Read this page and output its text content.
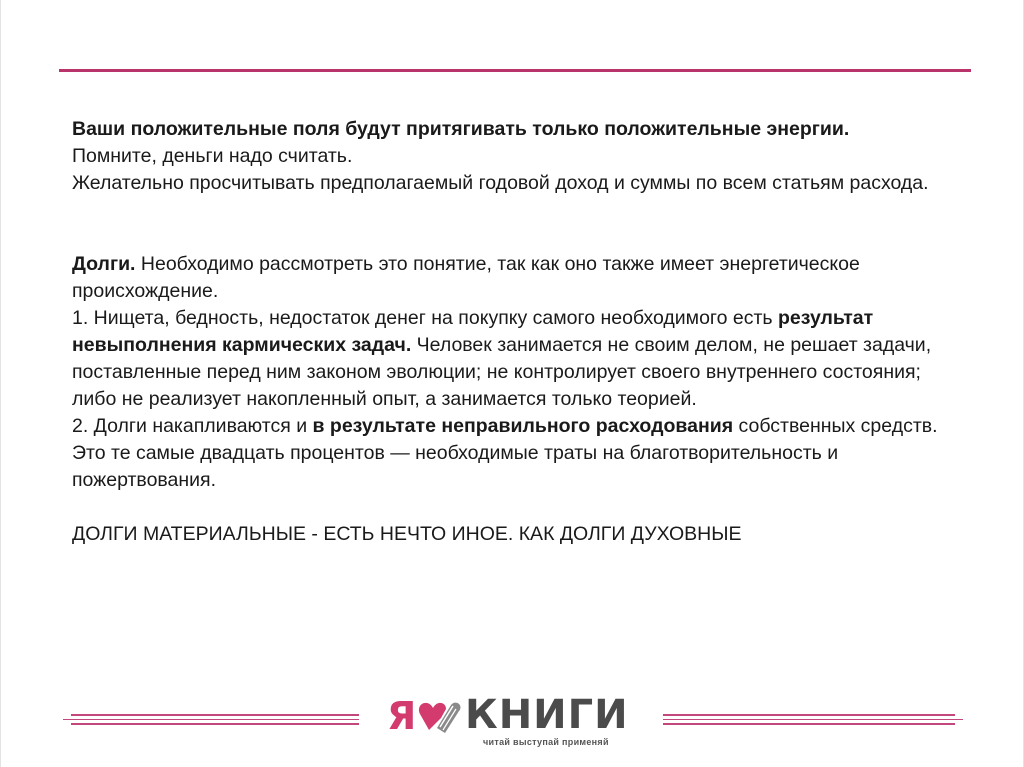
Ваши положительные поля будут притягивать только положительные энергии.
Помните, деньги надо считать.
Желательно просчитывать предполагаемый годовой доход и суммы по всем статьям расхода.

Долги. Необходимо рассмотреть это понятие, так как оно также имеет энергетическое происхождение.
1. Нищета, бедность, недостаток денег на покупку самого необходимого есть результат невыполнения кармических задач. Человек занимается не своим делом, не решает задачи, поставленные перед ним законом эволюции; не контролирует своего внутреннего состояния; либо не реализует накопленный опыт, а занимается только теорией.
2. Долги накапливаются и в результате неправильного расходования собственных средств. Это те самые двадцать процентов — необходимые траты на благотворительность и пожертвования.

ДОЛГИ МАТЕРИАЛЬНЫЕ - ЕСТЬ НЕЧТО ИНОЕ. КАК ДОЛГИ ДУХОВНЫЕ

Я КНИГИ
читай выступай применяй
